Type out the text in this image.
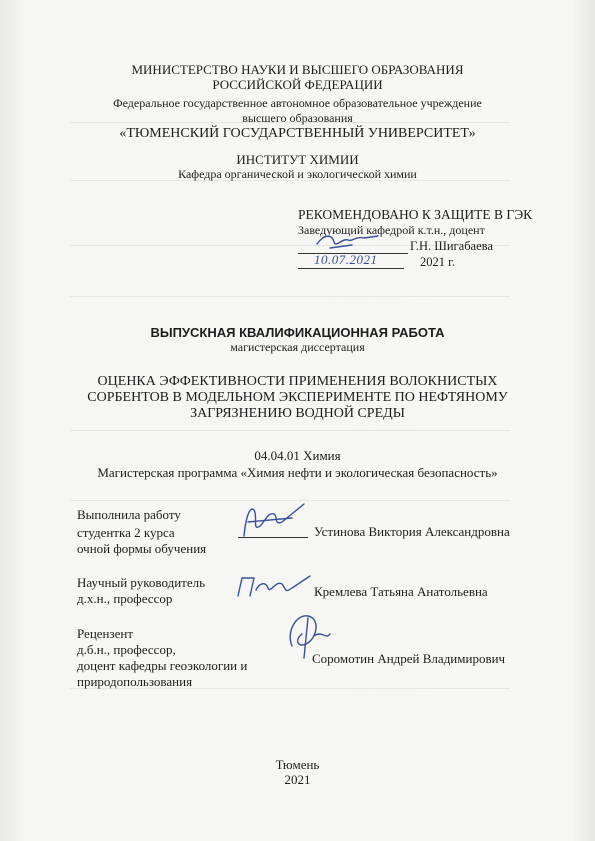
МИНИСТЕРСТВО НАУКИ И ВЫСШЕГО ОБРАЗОВАНИЯ
РОССИЙСКОЙ ФЕДЕРАЦИИ
Федеральное государственное автономное образовательное учреждение
высшего образования
«ТЮМЕНСКИЙ ГОСУДАРСТВЕННЫЙ УНИВЕРСИТЕТ»
ИНСТИТУТ ХИМИИ
Кафедра органической и экологической химии
РЕКОМЕНДОВАНО К ЗАЩИТЕ В ГЭК
Заведующий кафедрой к.т.н., доцент
Г.Н. Шигабаева
10.07.2021	2021 г.
ВЫПУСКНАЯ КВАЛИФИКАЦИОННАЯ РАБОТА
магистерская диссертация
ОЦЕНКА ЭФФЕКТИВНОСТИ ПРИМЕНЕНИЯ ВОЛОКНИСТЫХ
СОРБЕНТОВ В МОДЕЛЬНОМ ЭКСПЕРИМЕНТЕ ПО НЕФТЯНОМУ
ЗАГРЯЗНЕНИЮ ВОДНОЙ СРЕДЫ
04.04.01 Химия
Магистерская программа «Химия нефти и экологическая безопасность»
Выполнила работу
студентка 2 курса
очной формы обучения
Устинова Виктория Александровна
Научный руководитель
д.х.н., профессор	Кремлева Татьяна Анатольевна
Рецензент
д.б.н., профессор,
доцент кафедры геоэкологии и
природопользования
Соромотин Андрей Владимирович
Тюмень
2021
